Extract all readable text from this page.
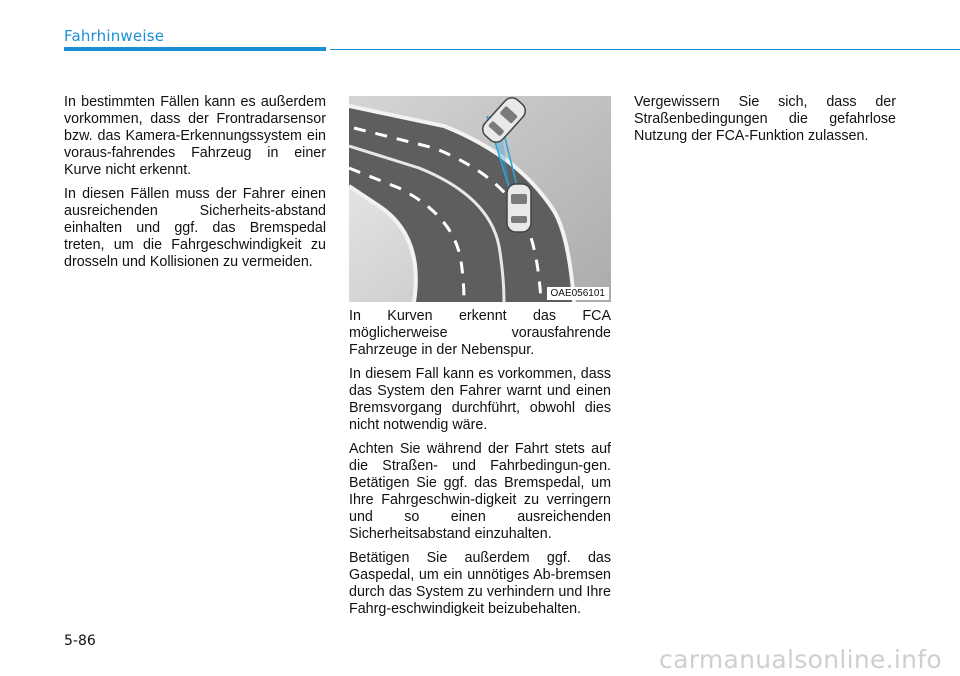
Fahrhinweise

In bestimmten Fällen kann es außerdem vorkommen, dass der Frontradarsensor bzw. das Kamera-Erkennungssystem ein voraus-fahrendes Fahrzeug in einer Kurve nicht erkennt.

In diesen Fällen muss der Fahrer einen ausreichenden Sicherheits-abstand einhalten und ggf. das Bremspedal treten, um die Fahrgeschwindigkeit zu drosseln und Kollisionen zu vermeiden.

OAE056101

In Kurven erkennt das FCA möglicherweise vorausfahrende Fahrzeuge in der Nebenspur.

In diesem Fall kann es vorkommen, dass das System den Fahrer warnt und einen Bremsvorgang durchführt, obwohl dies nicht notwendig wäre.

Achten Sie während der Fahrt stets auf die Straßen- und Fahrbedingun-gen. Betätigen Sie ggf. das Bremspedal, um Ihre Fahrgeschwin-digkeit zu verringern und so einen ausreichenden Sicherheitsabstand einzuhalten.

Betätigen Sie außerdem ggf. das Gaspedal, um ein unnötiges Ab-bremsen durch das System zu verhindern und Ihre Fahrg-eschwindigkeit beizubehalten.

Vergewissern Sie sich, dass der Straßenbedingungen die gefahrlose Nutzung der FCA-Funktion zulassen.

5-86
carmanualsonline.info
